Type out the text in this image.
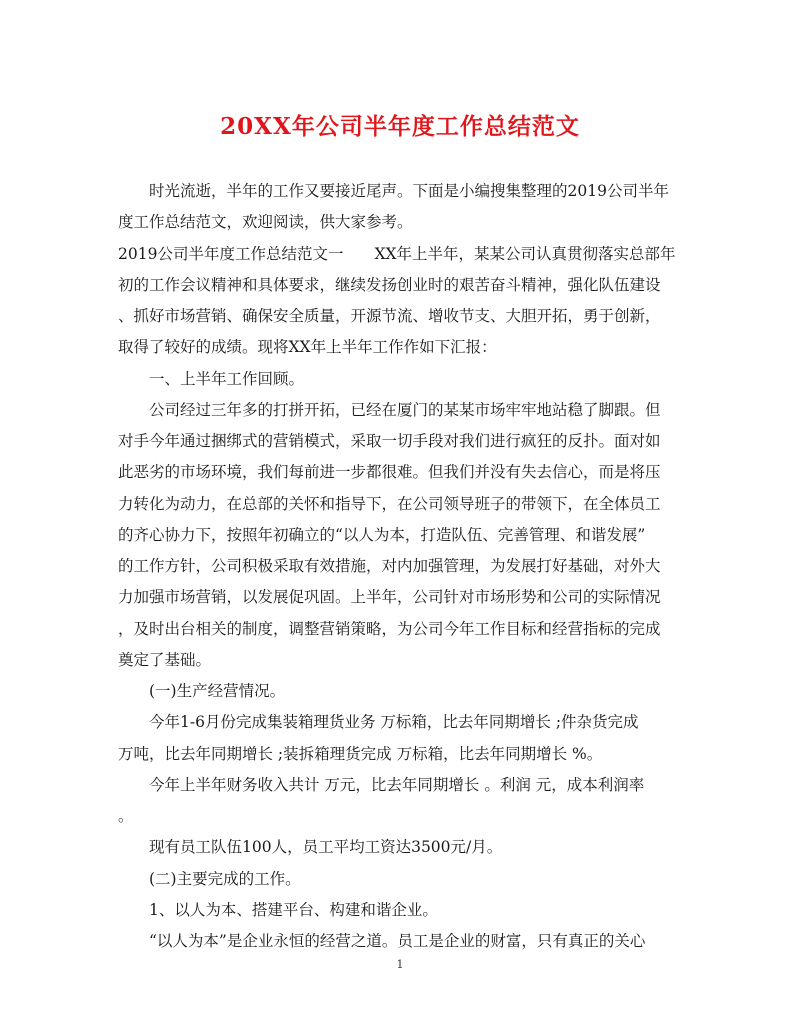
20XX年公司半年度工作总结范文
时光流逝，半年的工作又要接近尾声。下面是小编搜集整理的2019公司半年
度工作总结范文，欢迎阅读，供大家参考。
2019公司半年度工作总结范文一　　XX年上半年，某某公司认真贯彻落实总部年
初的工作会议精神和具体要求，继续发扬创业时的艰苦奋斗精神，强化队伍建设
、抓好市场营销、确保安全质量，开源节流、增收节支、大胆开拓，勇于创新，
取得了较好的成绩。现将XX年上半年工作作如下汇报：
一、上半年工作回顾。
公司经过三年多的打拼开拓，已经在厦门的某某市场牢牢地站稳了脚跟。但
对手今年通过捆绑式的营销模式，采取一切手段对我们进行疯狂的反扑。面对如
此恶劣的市场环境，我们每前进一步都很难。但我们并没有失去信心，而是将压
力转化为动力，在总部的关怀和指导下，在公司领导班子的带领下，在全体员工
的齐心协力下，按照年初确立的“以人为本，打造队伍、完善管理、和谐发展”
的工作方针，公司积极采取有效措施，对内加强管理，为发展打好基础，对外大
力加强市场营销，以发展促巩固。上半年，公司针对市场形势和公司的实际情况
，及时出台相关的制度，调整营销策略，为公司今年工作目标和经营指标的完成
奠定了基础。
(一)生产经营情况。
今年1-6月份完成集装箱理货业务 万标箱，比去年同期增长 ;件杂货完成
万吨，比去年同期增长 ;装拆箱理货完成 万标箱，比去年同期增长 %。
今年上半年财务收入共计 万元，比去年同期增长 。利润 元，成本利润率
。
现有员工队伍100人，员工平均工资达3500元/月。
(二)主要完成的工作。
1、以人为本、搭建平台、构建和谐企业。
“以人为本”是企业永恒的经营之道。员工是企业的财富，只有真正的关心
1
